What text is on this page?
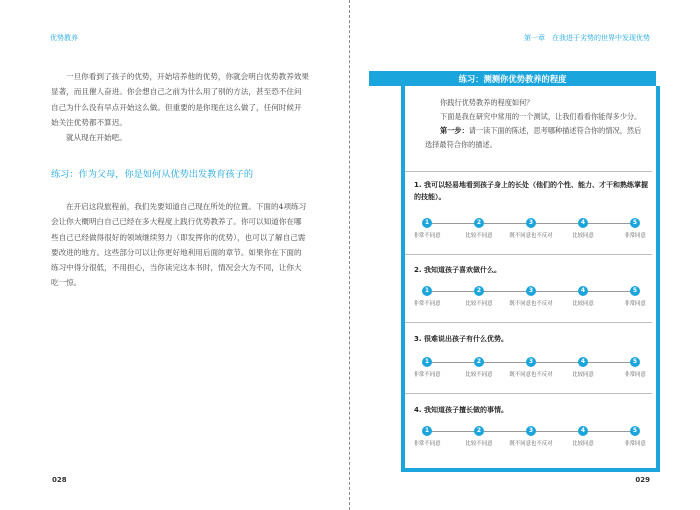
优势教养

一旦你看到了孩子的优势，开始培养他的优势，你就会明白优势教养效果显著，而且催人奋进。你会想自己之前为什么用了别的方法，甚至恐不住问自己为什么没有早点开始这么做。但重要的是你现在这么做了，任何时候开始关注优势都不算迟。

就从现在开始吧。

练习：作为父母，你是如何从优势出发教育孩子的

在开启这段旅程前，我们先要知道自己现在所处的位置。下面的4项练习会让你大概明白自己已经在多大程度上践行优势教养了。你可以知道你在哪些自己已经做得很好的领域继续努力（即发挥你的优势），也可以了解自己需要改进的地方。这些部分可以让你更好地利用后面的章节。如果你在下面的练习中得分很低，不用担心，当你读完这本书时，情况会大为不同，让你大吃一惊。

028
第一章　在我进于劣势的世界中发现优势
练习：测测你优势教养的程度

你践行优势教养的程度如何？

下面是我在研究中常用的一个测试，让我们看看你能得多少分。

第一步：请一读下面的陈述，思考哪种描述符合你的情况，然后选择最符合你的描述。

1. 我可以轻易地看到孩子身上的长处（他们的个性、能力、才干和熟练掌握的技能）。
1
非常不同意
2
比较不同意
3
既不同意也不反对
4
比较同意
5
非常同意
2. 我知道孩子喜欢做什么。
1
非常不同意
2
比较不同意
3
既不同意也不反对
4
比较同意
5
非常同意
3. 很难说出孩子有什么优势。
1
非常不同意
2
比较不同意
3
既不同意也不反对
4
比较同意
5
非常同意
4. 我知道孩子擅长做的事情。
1
非常不同意
2
比较不同意
3
既不同意也不反对
4
比较同意
5
非常同意
029
